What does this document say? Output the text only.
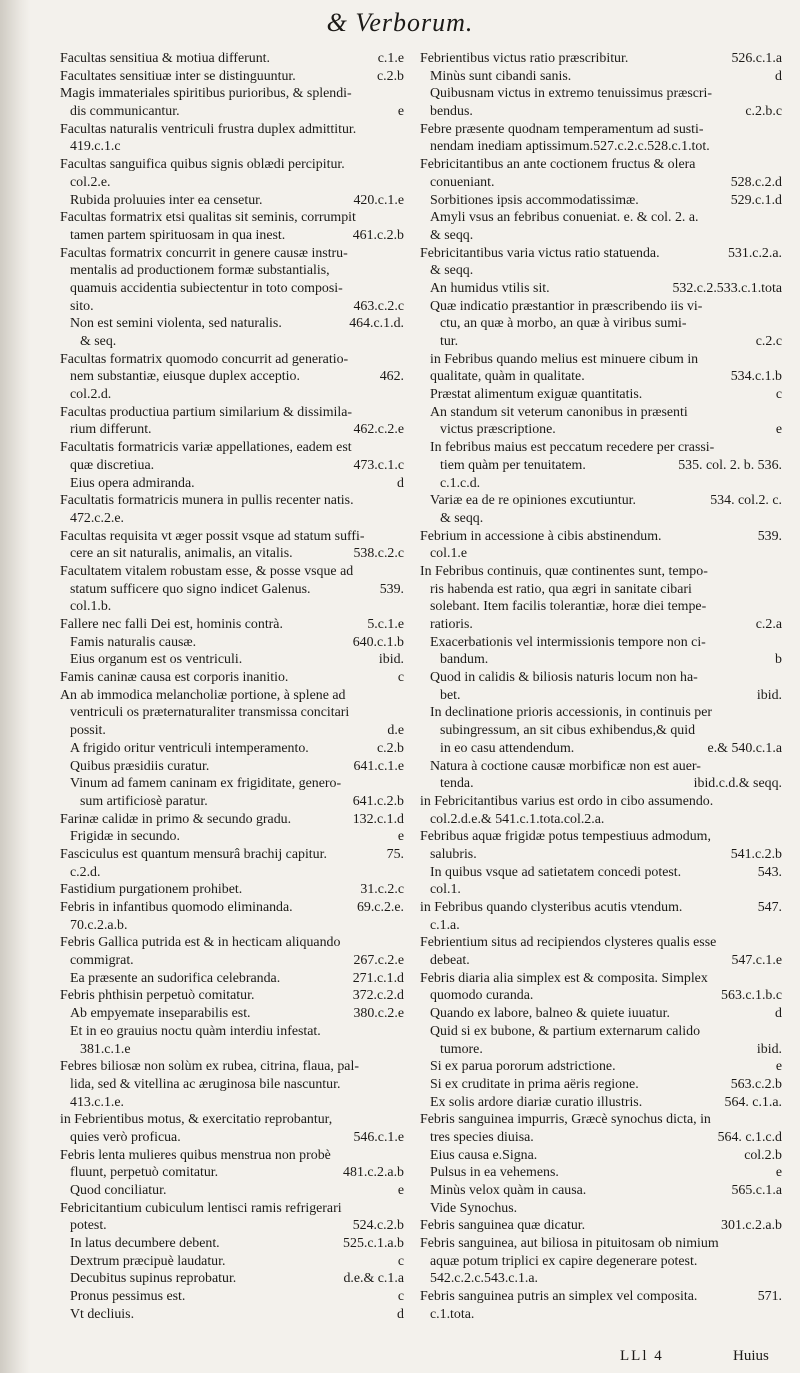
& Verborum.
Facultas sensitiua & motiua differunt.	c.1.e
Facultates sensitiuæ inter se distinguuntur.	c.2.b
Magis immateriales spiritibus purioribus, & splendi-
dis communicantur.	e
Facultas naturalis ventriculi frustra duplex admittitur.
419.c.1.c
Facultas sanguifica quibus signis oblædi percipitur.
col.2.e.
Rubida proluuies inter ea censetur.	420.c.1.e
Facultas formatrix etsi qualitas sit seminis, corrumpit
tamen partem spirituosam in qua inest.	461.c.2.b
Facultas formatrix concurrit in genere causæ instru-
mentalis ad productionem formæ substantialis,
quamuis accidentia subiectentur in toto composi-
sito.	463.c.2.c
Non est semini violenta, sed naturalis.	464.c.1.d.
& seq.
Facultas formatrix quomodo concurrit ad generatio-
nem substantiæ, eiusque duplex acceptio.	462.
col.2.d.
Facultas productiua partium similarium & dissimila-
rium differunt.	462.c.2.e
Facultatis formatricis variæ appellationes, eadem est
quæ discretiua.	473.c.1.c
Eius opera admiranda.	d
Facultatis formatricis munera in pullis recenter natis.
472.c.2.e.
Facultas requisita vt æger possit vsque ad statum suffi-
cere an sit naturalis, animalis, an vitalis.	538.c.2.c
Facultatem vitalem robustam esse, & posse vsque ad
statum sufficere quo signo indicet Galenus.	539.
col.1.b.
Fallere nec falli Dei est, hominis contrà.	5.c.1.e
Famis naturalis causæ.	640.c.1.b
Eius organum est os ventriculi.	ibid.
Famis caninæ causa est corporis inanitio.	c
An ab immodica melancholiæ portione, à splene ad
ventriculi os præternaturaliter transmissa concitari
possit.	d.e
A frigido oritur ventriculi intemperamento.	c.2.b
Quibus præsidiis curatur.	641.c.1.e
Vinum ad famem caninam ex frigiditate, genero-
sum artificiosè paratur.	641.c.2.b
Farinæ calidæ in primo & secundo gradu.	132.c.1.d
Frigidæ in secundo.	e
Fasciculus est quantum mensurâ brachij capitur.	75.
c.2.d.
Fastidium purgationem prohibet.	31.c.2.c
Febris in infantibus quomodo eliminanda.	69.c.2.e.
70.c.2.a.b.
Febris Gallica putrida est & in hecticam aliquando
commigrat.	267.c.2.e
Ea præsente an sudorifica celebranda.	271.c.1.d
Febris phthisin perpetuò comitatur.	372.c.2.d
Ab empyemate inseparabilis est.	380.c.2.e
Et in eo grauius noctu quàm interdiu infestat.
381.c.1.e
Febres biliosæ non solùm ex rubea, citrina, flaua, pal-
lida, sed & vitellina ac æruginosa bile nascuntur.
413.c.1.e.
in Febrientibus motus, & exercitatio reprobantur,
quies verò proficua.	546.c.1.e
Febris lenta mulieres quibus menstrua non probè
fluunt, perpetuò comitatur.	481.c.2.a.b
Quod conciliatur.	e
Febricitantium cubiculum lentisci ramis refrigerari
potest.	524.c.2.b
In latus decumbere debent.	525.c.1.a.b
Dextrum præcipuè laudatur.	c
Decubitus supinus reprobatur.	d.e.& c.1.a
Pronus pessimus est.	c
Vt decliuis.	d
Febrientibus victus ratio præscribitur.	526.c.1.a
Minùs sunt cibandi sanis.	d
Quibusnam victus in extremo tenuissimus præscri-
bendus.	c.2.b.c
Febre præsente quodnam temperamentum ad susti-
nendam inediam aptissimum.527.c.2.c.528.c.1.tot.
Febricitantibus an ante coctionem fructus & olera
conueniant.	528.c.2.d
Sorbitiones ipsis accommodatissimæ.	529.c.1.d
Amyli vsus an febribus conueniat. e. & col. 2. a.
& seqq.
Febricitantibus varia victus ratio statuenda.	531.c.2.a.
& seqq.
An humidus vtilis sit.	532.c.2.533.c.1.tota
Quæ indicatio præstantior in præscribendo iis vi-
ctu, an quæ à morbo, an quæ à viribus sumi-
tur.	c.2.c
in Febribus quando melius est minuere cibum in
qualitate, quàm in qualitate.	534.c.1.b
Præstat alimentum exiguæ quantitatis.	c
An standum sit veterum canonibus in præsenti
victus præscriptione.	e
In febribus maius est peccatum recedere per crassi-
tiem quàm per tenuitatem.	535. col. 2. b. 536.
c.1.c.d.
Variæ ea de re opiniones excutiuntur.	534. col.2. c.
& seqq.
Febrium in accessione à cibis abstinendum.	539.
col.1.e
In Febribus continuis, quæ continentes sunt, tempo-
ris habenda est ratio, qua ægri in sanitate cibari
solebant. Item facilis tolerantiæ, horæ diei tempe-
ratioris.	c.2.a
Exacerbationis vel intermissionis tempore non ci-
bandum.	b
Quod in calidis & biliosis naturis locum non ha-
bet.	ibid.
In declinatione prioris accessionis, in continuis per
subingressum, an sit cibus exhibendus,& quid
in eo casu attendendum.	e.& 540.c.1.a
Natura à coctione causæ morbificæ non est auer-
tenda.	ibid.c.d.& seqq.
in Febricitantibus varius est ordo in cibo assumendo.
col.2.d.e.& 541.c.1.tota.col.2.a.
Febribus aquæ frigidæ potus tempestiuus admodum,
salubris.	541.c.2.b
In quibus vsque ad satietatem concedi potest.	543.
col.1.
in Febribus quando clysteribus acutis vtendum.	547.
c.1.a.
Febrientium situs ad recipiendos clysteres qualis esse
debeat.	547.c.1.e
Febris diaria alia simplex est & composita. Simplex
quomodo curanda.	563.c.1.b.c
Quando ex labore, balneo & quiete iuuatur.	d
Quid si ex bubone, & partium externarum calido
tumore.	ibid.
Si ex parua pororum adstrictione.	e
Si ex cruditate in prima aëris regione.	563.c.2.b
Ex solis ardore diariæ curatio illustris.	564. c.1.a.
Febris sanguinea impurris, Græcè synochus dicta, in
tres species diuisa.	564. c.1.c.d
Eius causa e.Signa.	col.2.b
Pulsus in ea vehemens.	e
Minùs velox quàm in causa.	565.c.1.a
Vide Synochus.
Febris sanguinea quæ dicatur.	301.c.2.a.b
Febris sanguinea, aut biliosa in pituitosam ob nimium
aquæ potum triplici ex capire degenerare potest.
542.c.2.c.543.c.1.a.
Febris sanguinea putris an simplex vel composita.	571.
c.1.tota.
LLl 4	Huius
